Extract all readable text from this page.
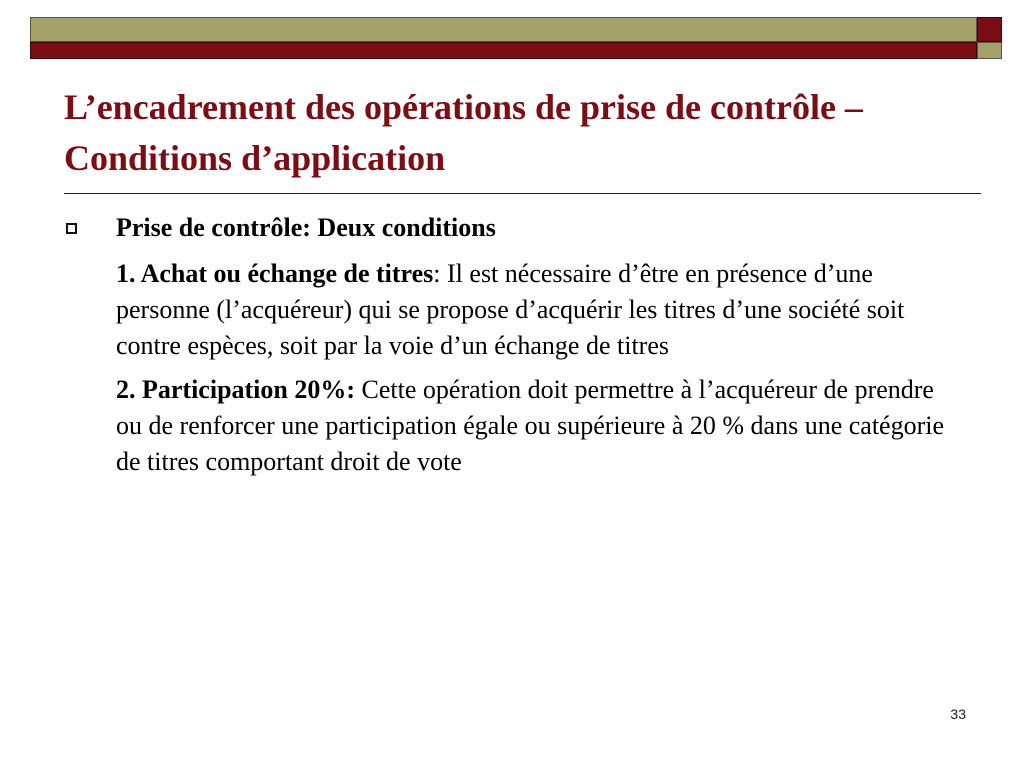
L’encadrement des opérations de prise de contrôle – Conditions d’application
Prise de contrôle: Deux conditions

1. Achat ou échange de titres: Il est nécessaire d’être en présence d’une personne (l’acquéreur) qui se propose d’acquérir les titres d’une société soit contre espèces, soit par la voie d’un échange de titres

2. Participation 20%: Cette opération doit permettre à l’acquéreur de prendre ou de renforcer une participation égale ou supérieure à 20 % dans une catégorie de titres comportant droit de vote

33
